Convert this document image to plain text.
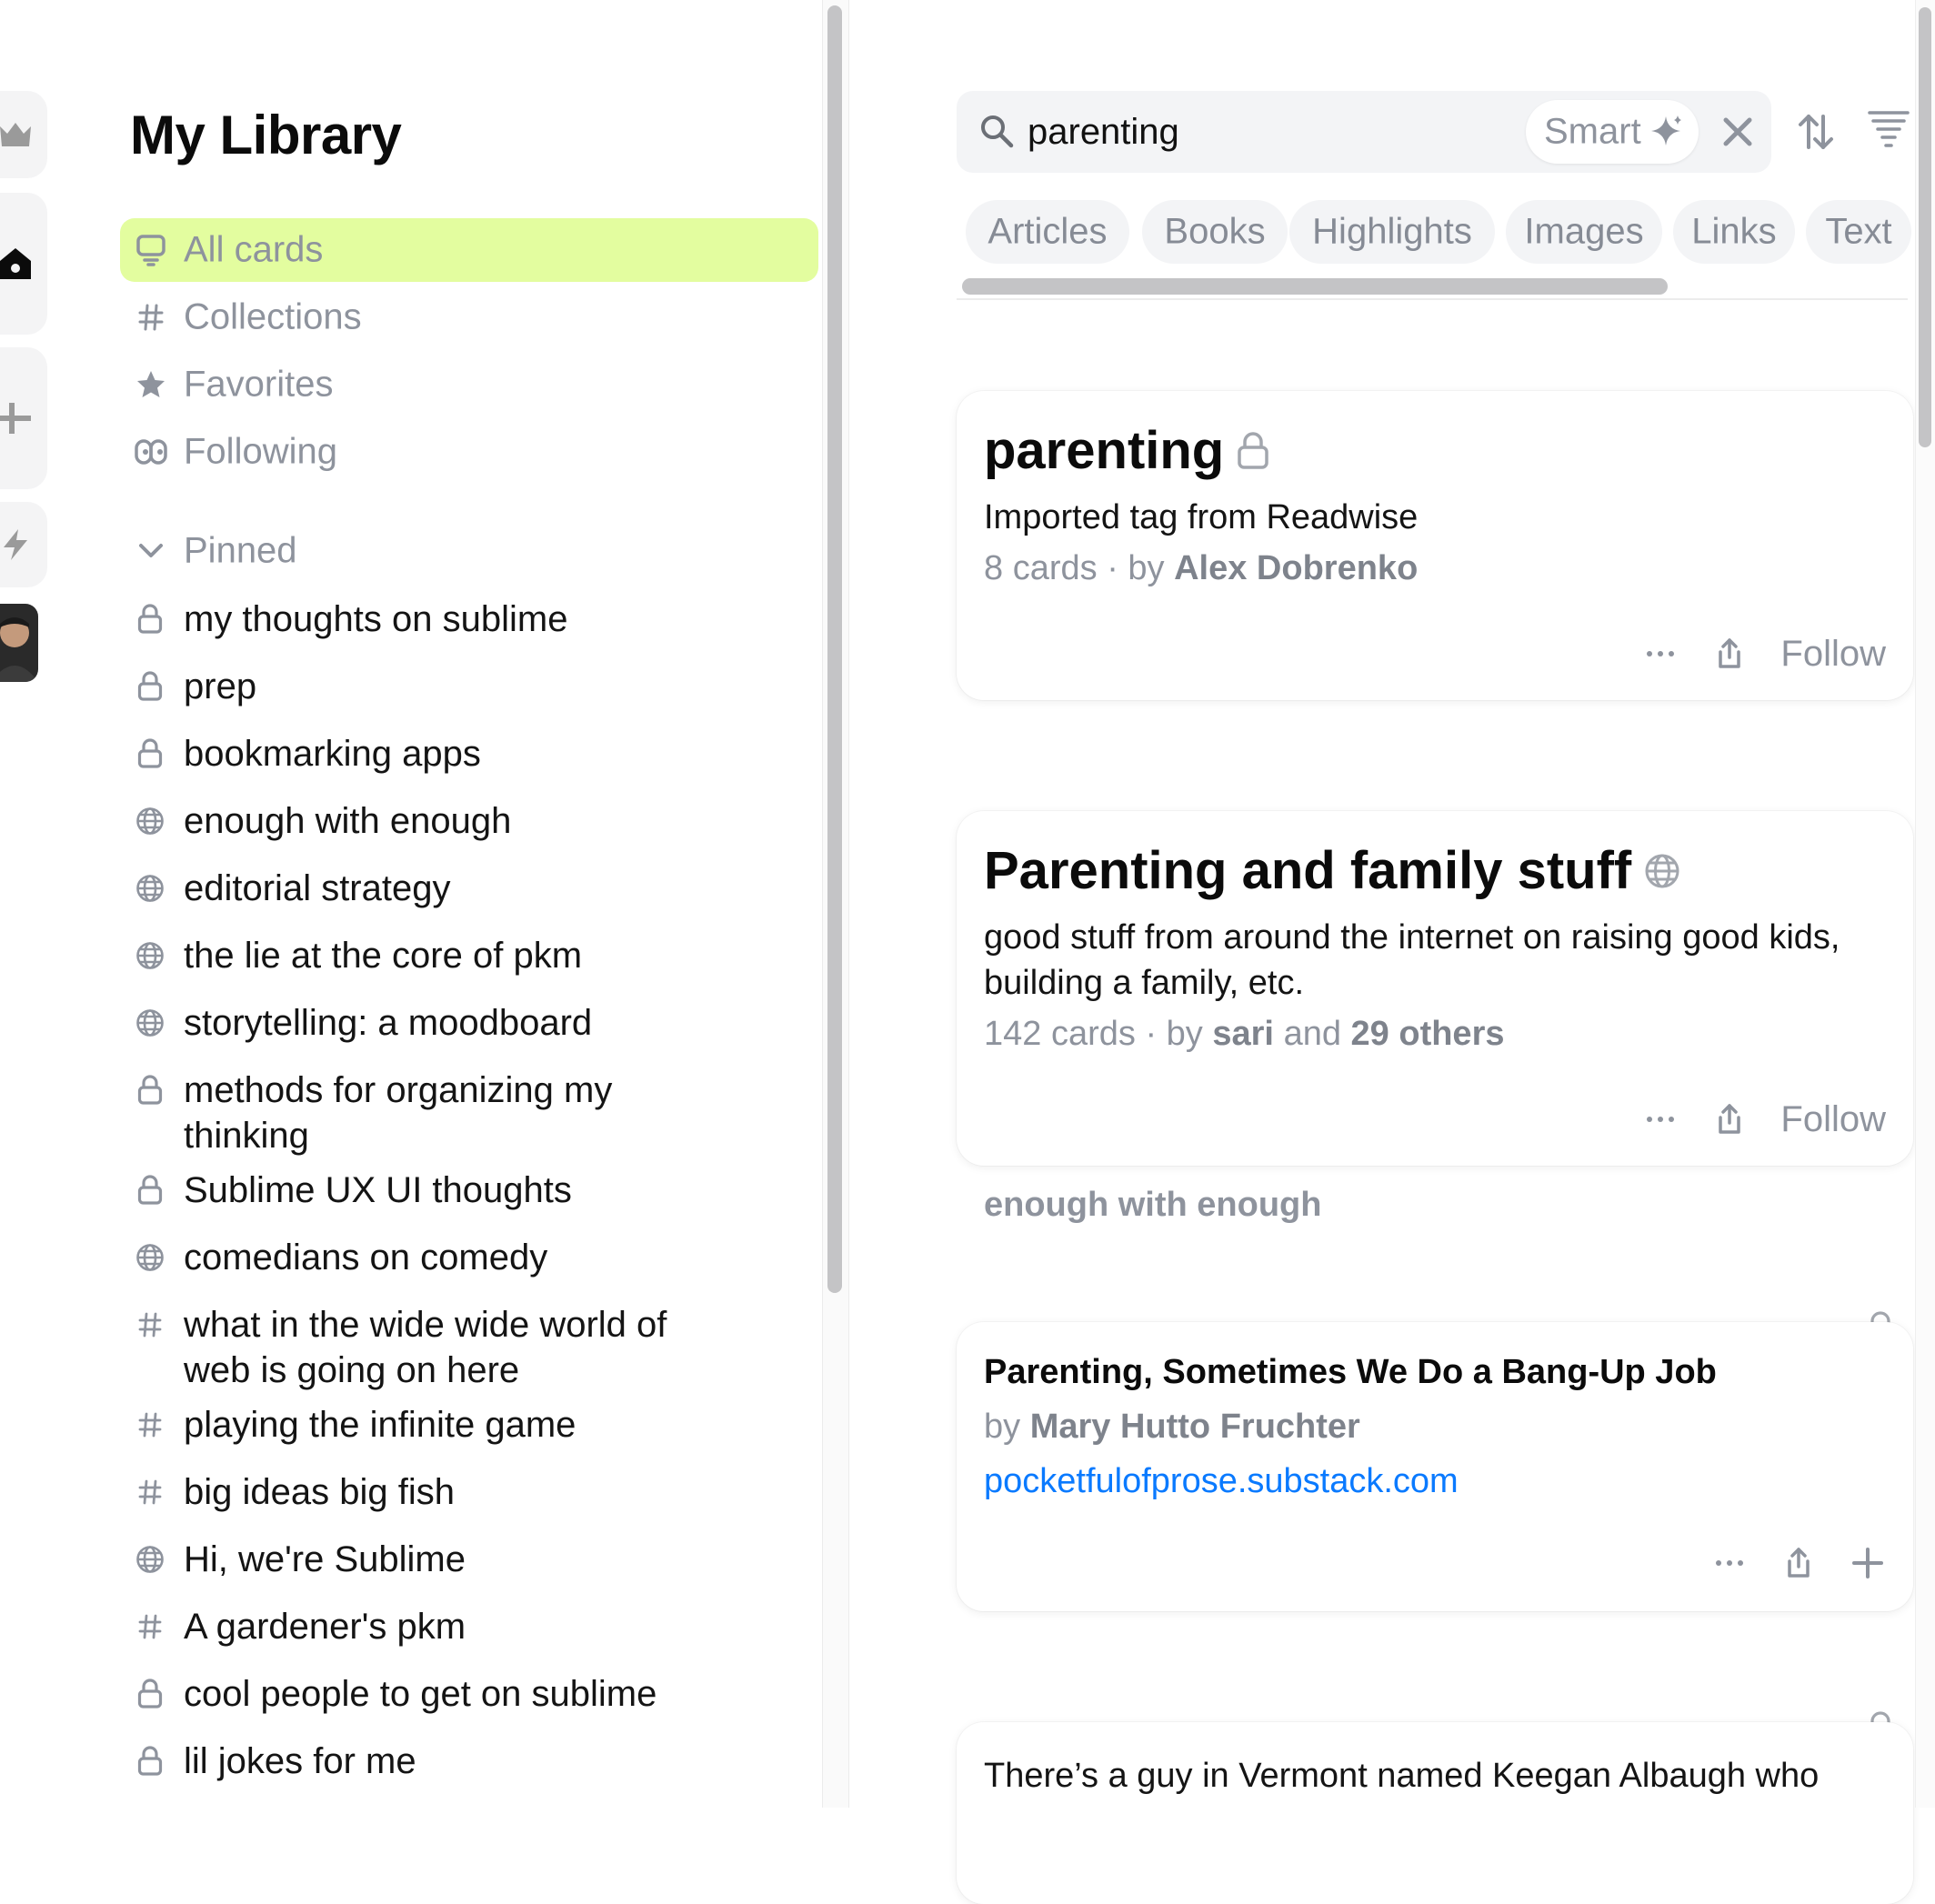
My Library
All cards
Collections
Favorites
Following
Pinned
my thoughts on sublime
prep
bookmarking apps
enough with enough
editorial strategy
the lie at the core of pkm
storytelling: a moodboard
methods for organizing my thinking
Sublime UX UI thoughts
comedians on comedy
what in the wide wide world of web is going on here
playing the infinite game
big ideas big fish
Hi, we're Sublime
A gardener's pkm
cool people to get on sublime
lil jokes for me
parenting
Smart
Articles	Books	Highlights	Images	Links	Text
parenting
Imported tag from Readwise
8 cards · by Alex Dobrenko
Follow
Parenting and family stuff
good stuff from around the internet on raising good kids, building a family, etc.
142 cards · by sari and 29 others
Follow
enough with enough
Parenting, Sometimes We Do a Bang-Up Job
by Mary Hutto Fruchter
pocketfulofprose.substack.com
There’s a guy in Vermont named Keegan Albaugh who
